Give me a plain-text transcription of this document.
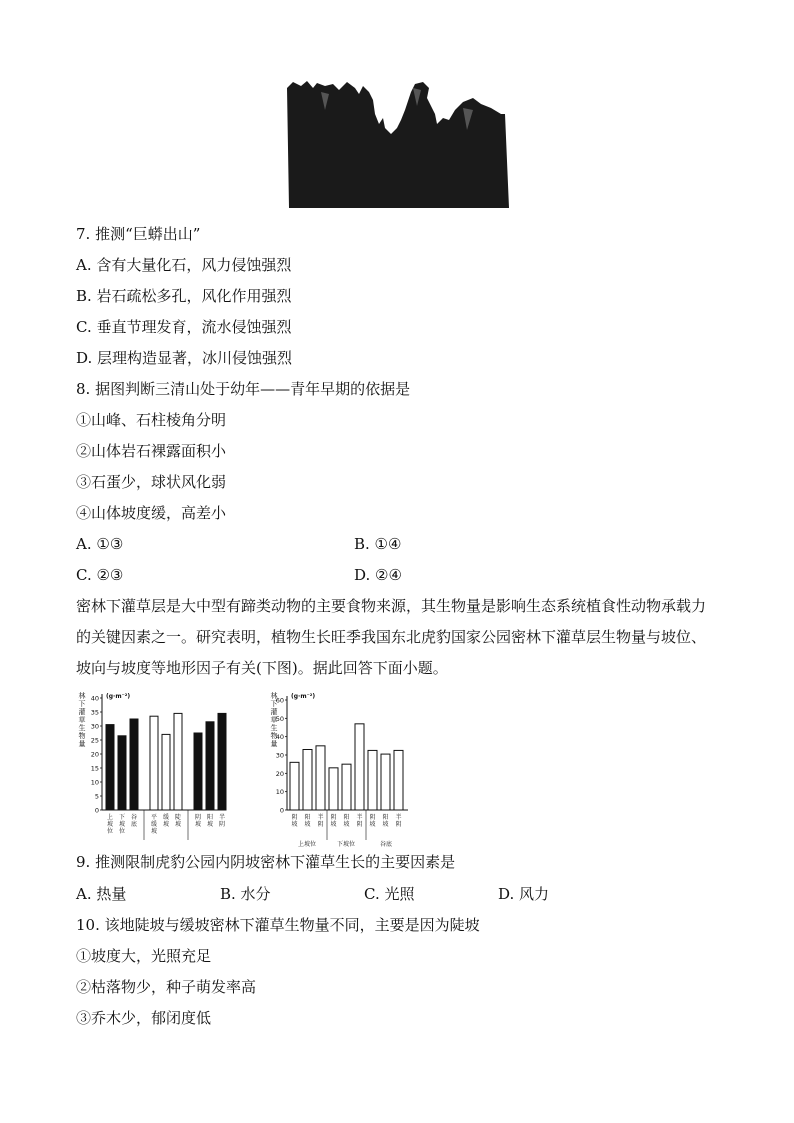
7. 推测“巨蟒出山”
A. 含有大量化石，风力侵蚀强烈
B. 岩石疏松多孔，风化作用强烈
C. 垂直节理发育，流水侵蚀强烈
D. 层理构造显著，冰川侵蚀强烈
8. 据图判断三清山处于幼年——青年早期的依据是
①山峰、石柱棱角分明
②山体岩石裸露面积小
③石蛋少，球状风化弱
④山体坡度缓，高差小
A. ①③	B. ①④
C. ②③	D. ②④
密林下灌草层是大中型有蹄类动物的主要食物来源，其生物量是影响生态系统植食性动物承载力的关键因素之一。研究表明，植物生长旺季我国东北虎豹国家公园密林下灌草层生物量与坡位、坡向与坡度等地形因子有关(下图)。据此回答下面小题。
林下灌草生物量
(g·m⁻²)
0
5
10
15
20
25
30
35
40
上坡位
下坡位
谷底
平缓坡
缓坡
陡坡
阴坡
阳坡
半阴
林下灌草生物量
(g·m⁻²)
0
10
20
30
40
50
60
阴坡
阳坡
半阴
阴坡
阳坡
半阴
阴坡
阳坡
半阴
上坡位	下坡位	谷底
9. 推测限制虎豹公园内阴坡密林下灌草生长的主要因素是
A. 热量	B. 水分	C. 光照	D. 风力
10. 该地陡坡与缓坡密林下灌草生物量不同，主要是因为陡坡
①坡度大，光照充足
②枯落物少，种子萌发率高
③乔木少，郁闭度低
